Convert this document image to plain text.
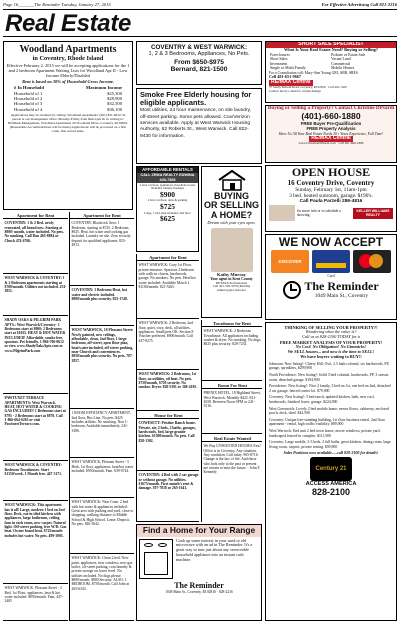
Page 16_______The Reminder Tuesday, January 27, 2015	For Effective Advertising Call 821-2216
Real Estate
Woodland Apartments
in Coventry, Rhode Island
Effective February 2, 2015 we will be accepting applications for the 1 and 2 bedroom Apartment Waiting Lists for Woodland Apt II - Low Income Elderly/Disabled
Rent is based on 30% of Household Gross Income.
# In Household	Maximum Income
Household of 1	$25,300
Household of 2	$28,900
Household of 3	$32,500
Household of 4	$36,100
Applications may be obtained by calling: Woodland Apartments: (401) 821-9612; In person at our management office: Monday-Friday from 8am-1pm Or in writing to: Hallmark Management, Woodland Apartments 20 Woodland Drive, Coventry, RI 02816. (Reasonable Accommodations will be made) Applications will be processed on a first come, first served basis.
COVENTRY & WEST WARWICK:
1, 2 & 3 Bedrooms, Appliances, No Pets.
From $650-$975
Bernard, 821-1500
Smoke Free Elderly housing for eligible applicants.
Most utilities, 24 hour maintenance, on site laundry, off-street parking. Some pets allowed. Cox/Verizon services available. Apply at West Warwick Housing Authority, 62 Roberts St., West Warwick. Call 822-9430 for information.
AFFORDABLE RENTALS
CALL ZEMA REALTY EDWINA 440-7368
2 bed, 1st floor, appliances, heat & hot water included, laundry hookups
$900
2 bed, 1st floor, deck & parking
$725
Large, 1 bed, heat included, 2nd floor
$625
BUYING
OR SELLING
A HOME?
Dream with your eyes open.
Kathy Murray
Your agent in Kent County
RE/MAX Professionals
Cell 401-529-5079 (Mobile)
kmurray@re-max.net
Apartment for Rent
COVENTRY: 1 & 2 Bed. newly renovated, all brand new. Starting at $800/ month, water included. No pets. No smoking. Call Dan 465-8884 or Chuck 474-6766.
WEST WARWICK & COVENTRY: 1 & 2 Bedroom apartments starting at $700/month. Utilities not included. 474-3851.
SHADY OAKS & PILGRIM PARK APTS.: West Warwick/Coventry- 1 Bedrooms start at $900; 2 Bedrooms start at $1025. HEAT & HOT WATER INCLUDED! Affordable, smoke free, spacious. Pet friendly. 1-866-706-0612 or view www.ShadyOaksApts.com or www.PilgrimPark.com
PAWTUXET TERRACE APARTMENTS: West Warwick. HEAT, HOT WATER & COOKING GAS INCLUDED! 1 Bedrooms start at $795 - 2 Bedrooms start at $870. Call 1-866-664-6263 or visit PawtuxetTerrace.com.
WEST WARWICK & COVENTRY: Bedroom Townhouses. Start $1350/week. 1 Month free. 447-3171.
WEST WARWICK: This apartment has it all! Large, modern 1 bed on 2nd floor. Deck, eat-in tiled kitchen with appliances, large bathroom, ceiling fans in each room, new carpet. Natural light. Off-street parking, free W/D. Gas heat. Owner board heat. $725/month includes hot water. No pets. 499-3005.
WEST WARWICK: Pleasant Street - 2 Bed, 1st Floor, appliances, heat & hot water included. $850/month. Fam. 447-3405
Apartment for Rent
COVENTRY, Blackrock Area: 1 Bedroom, starting at $725. 2 Bedroom, $925. Heat, hot water and cooking gas included. Laundry on site. Zero security deposit for qualified applicants. 823-4813.
COVENTRY: 1 Bedroom Heat, hot water and electric included. $800/month plus security. 825-1748.
WEST WARWICK, 10 Pleasant Street: Newly painted, new ceilings, affordable, clean, 2nd floor, 1 large bedroom, off-street, open floor plan, heat/water included, off-street parking, near Church and conveniences. $850/month plus security. No pets. 787-2857.
1 ROOM EFFICIENCY APARTMENT, 2nd floor, Bus Line. No pets. $425 includes utilities. No smoking. Non 1-bedroom. Available immediately. 241-3306.
WEST WARWICK, Pleasant Street - 3 Beds, 1st floor, appliances, heat/hot water included. $950/month. Fam. 639-0724.
WEST WARWICK: Near Conn. 2 bed with hot water & appliances included. Great area with parking and yard, close to shopping, walking distance to Middle School & High School. Lease. Deposit. No pets. 826-3642.
WEST WARWICK: Clean 2 bed. New paint, appliances, new windows, new gas boiler, off-street parking, coin laundry & private storage on lower level. No utilities included. No dogs please. $800/month. $800 Security. ALSO, 1 BEDROOM. $750/month. Call John at 265-6343.
Apartment for Rent
WEST WARWICK: Cozy 1st Floor, private entrance. Spacious 2 bedroom with walk-in closets, hardwoods, garage. No smokers. No pets. Heat/hot water included. Available March 1. $1100/month. 821-5265.
WEST WARWICK: 2 Bedroom, 2nd floor, quiet, cozy, deck, all utilities, appliances. Small pets OK. Section 8 Voucher preferred. $900/month. Call 447-8275.
WEST WARWICK: 2 Bedrooms, 1st floor, no utilities, oil heat. No pets. $750/month, $750 security. No smoker. Dryer. 828-5391 or 368-4105.
House for Rent
COWESETT: Pristine Ranch house. Private, air, 2 beds, 2 baths, garages, hardwoods, bed, large granite kitchen. $1500/month. No pets. Call 828-1302.
COVENTRY: 4 Bed with 2 car garage or without garage. No utilities. $1675/month. First month's rent & damage. 397-7818 or 265-1641.
Townhouse for Rent
WEST WARWICK: 2 Bedroom Townhouse. All appliances including washer & dryer. No smoking. No dogs. $825 plus security. 828-7233.
Room For Rent
PHENIX HOTEL, 18 Highland Street, West Warwick. Monthly $425. 821-2658. Between Noon-5PM or 241-5516.
Real Estate Wanted
We Buy UNWANTED HOUSES Fast! Office is in Coventry, Any situation. Any condition. Call today. 965-8716. Change is the law of life. And those who look only to the past or present are certain to miss the future. - John F. Kennedy
Find a Home for Your Range
Cook up some interest in your used or old microwave with an ad in The Reminder. It's a great way to turn just about any serviceable household appliance into an instant cash machine.
The Reminder
1049 Main St., Coventry, RI 02816 · 828-2216
SHORT SALE SPECIALIST
What Is Your Real Estate Need? Buying or Selling?
Foreclosures	Probate or Estate Sale
Short Sales	Vacant Land
Investment	Commercial
Single or Multi Family	Mobile Homes
For a Consultation call: Mary-Ann Young GRI, ABR, SRES
Cell 401-651-9667
RE/MAX Central
57 Sandy Bottom Road, Coventry, RI 02816 · Cell 401-7429
Contact me by e-mail for current listings
Buying or Selling a Property? Contact Christine DiNardi
(401)-660-1880
FREE Buyer Pre-Qualification
FREE Property Analysis
Have Us All Your Real Estate Needs 30+ Years Experience, Full Time!
RE/MAX Central
www.ChristineDiNardi.com · Call 401-660-1880
OPEN HOUSE
16 Coventry Drive, Coventry
Sunday, February 1st, 11am-1pm
3 bed. heated sunroom, garage. $190's.
Call Paula Parzelli 286-4816
for more info or to schedule a showing.
KELLER WILLIAMS REALTY
WE NOW ACCEPT
DISCOVER
Card
The Reminder
1049 Main St., Coventry
THINKING OF SELLING YOUR PROPERTY?!
Wondering what the value is?
Call us at 828-2100 TODAY for a
FREE MARKET ANALYSIS OF YOUR PROPERTY!
No Cost! No Obligation! No Gimmicks!
We SELL houses... and now is the time to SELL!
We have buyers waiting to BUY!!
Johnston: New listing!: Cherry Hill, Owl, 2.5 bath colonial, six hardwoods, FP, garage, sprinklers, $299,900
North Providence: New listing!: Solid 3 bed colonial, hardwoods, FP, 3 season room, detached garage. $194,900
Providence: New listing!: Nice 2 family, 3 bed on 1st, one bed on 2nd, detached 2 car garage, fenced corner lot. $79,900
Coventry: New listing!: 3 bed ranch, updated kitchen, bath, new roof, hardwoods, finished lower, garage. $224,900
West Greenwich: Lovely 2 bed mobile home, newer floors, cabinetry, enclosed porch, deck, shed. $42,500
Coventry: Unique free-standing building, 1st floor business rental, 2nd floor apartment - rental, high traffic/visibility. $89,900
West Warwick: End unit 2 bed town house, newer windows, private yard, landscaped fenced-in complex. $111,900
Coventry: Large mobile, 2-3 beds, 2 full baths, great kitchen, dining room, large living room, carport, private setting. $59,900
Sales Positions now available.....call 828-2100 for details!
Century 21
ACCESS AMERICA
828-2100
